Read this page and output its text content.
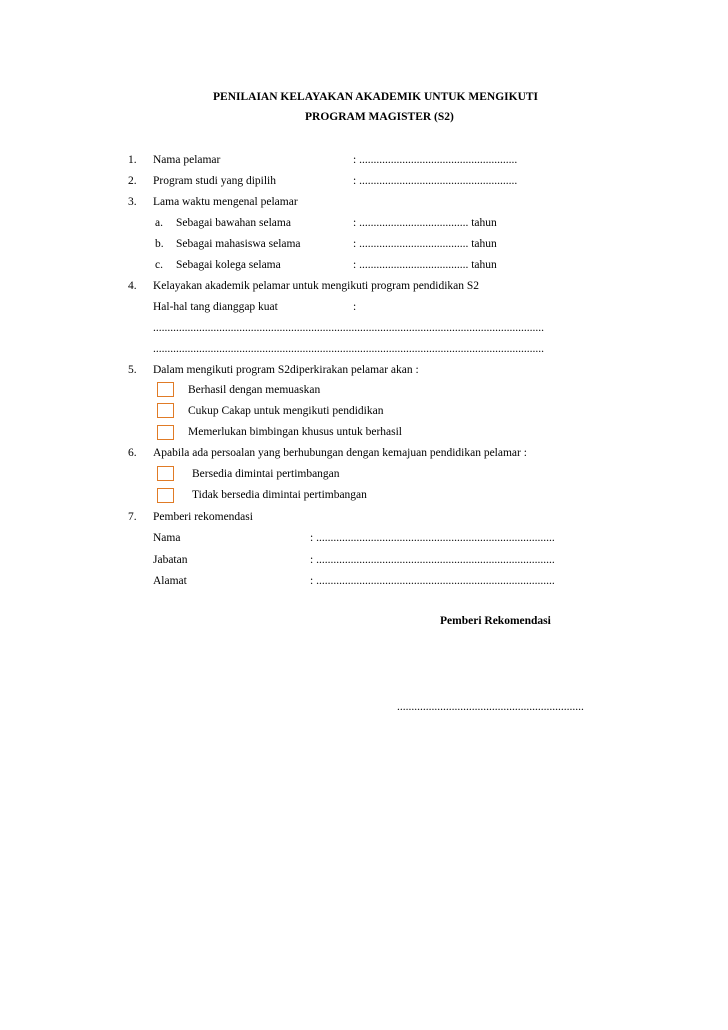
PENILAIAN KELAYAKAN AKADEMIK UNTUK MENGIKUTI
PROGRAM MAGISTER (S2)
1. Nama pelamar	: .......................................................
2. Program studi yang dipilih	: .......................................................
3. Lama waktu mengenal pelamar
a. Sebagai bawahan selama	: ...................................... tahun
b. Sebagai mahasiswa selama	: ...................................... tahun
c. Sebagai kolega selama	: ...................................... tahun
4. Kelayakan akademik pelamar untuk mengikuti program pendidikan S2
Hal-hal tang dianggap kuat	:
........................................................................................................................................
........................................................................................................................................
5. Dalam mengikuti program S2diperkirakan pelamar akan :
Berhasil dengan memuaskan
Cukup Cakap untuk mengikuti pendidikan
Memerlukan bimbingan khusus untuk berhasil
6. Apabila ada persoalan yang berhubungan dengan kemajuan pendidikan pelamar :
Bersedia dimintai pertimbangan
Tidak bersedia dimintai pertimbangan
7. Pemberi rekomendasi
Nama	: ...................................................................................
Jabatan	: ...................................................................................
Alamat	: ...................................................................................
Pemberi Rekomendasi
.................................................................
